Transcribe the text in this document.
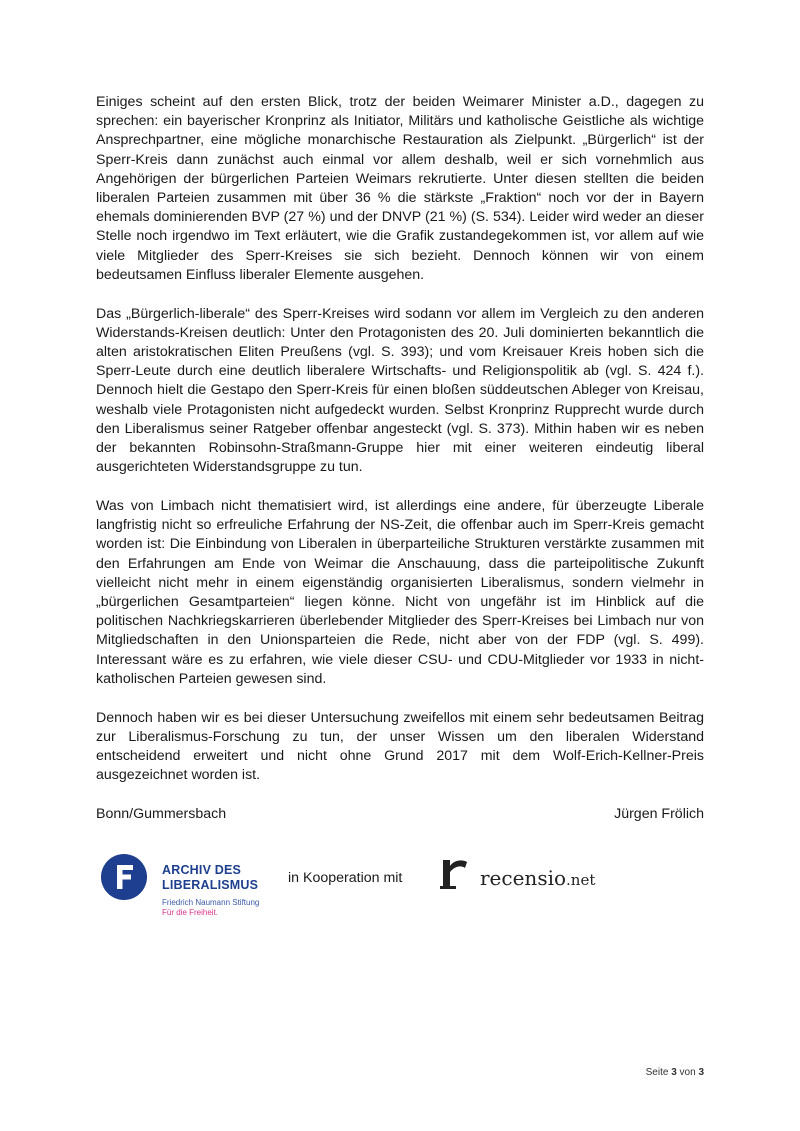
Einiges scheint auf den ersten Blick, trotz der beiden Weimarer Minister a.D., dagegen zu sprechen: ein bayerischer Kronprinz als Initiator, Militärs und katholische Geistliche als wichtige Ansprechpartner, eine mögliche monarchische Restauration als Zielpunkt. „Bürgerlich“ ist der Sperr-Kreis dann zunächst auch einmal vor allem deshalb, weil er sich vornehmlich aus Angehörigen der bürgerlichen Parteien Weimars rekrutierte. Unter diesen stellten die beiden liberalen Parteien zusammen mit über 36 % die stärkste „Fraktion“ noch vor der in Bayern ehemals dominierenden BVP (27 %) und der DNVP (21 %) (S. 534). Leider wird weder an dieser Stelle noch irgendwo im Text erläutert, wie die Grafik zustandegekommen ist, vor allem auf wie viele Mitglieder des Sperr-Kreises sie sich bezieht. Dennoch können wir von einem bedeutsamen Einfluss liberaler Elemente ausgehen.

Das „Bürgerlich-liberale“ des Sperr-Kreises wird sodann vor allem im Vergleich zu den anderen Widerstands-Kreisen deutlich: Unter den Protagonisten des 20. Juli dominierten bekanntlich die alten aristokratischen Eliten Preußens (vgl. S. 393); und vom Kreisauer Kreis hoben sich die Sperr-Leute durch eine deutlich liberalere Wirtschafts- und Religionspolitik ab (vgl. S. 424 f.). Dennoch hielt die Gestapo den Sperr-Kreis für einen bloßen süddeutschen Ableger von Kreisau, weshalb viele Protagonisten nicht aufgedeckt wurden. Selbst Kronprinz Rupprecht wurde durch den Liberalismus seiner Ratgeber offenbar angesteckt (vgl. S. 373). Mithin haben wir es neben der bekannten Robinsohn-Straßmann-Gruppe hier mit einer weiteren eindeutig liberal ausgerichteten Widerstandsgruppe zu tun.

Was von Limbach nicht thematisiert wird, ist allerdings eine andere, für überzeugte Liberale langfristig nicht so erfreuliche Erfahrung der NS-Zeit, die offenbar auch im Sperr-Kreis gemacht worden ist: Die Einbindung von Liberalen in überparteiliche Strukturen verstärkte zusammen mit den Erfahrungen am Ende von Weimar die Anschauung, dass die parteipolitische Zukunft vielleicht nicht mehr in einem eigenständig organisierten Liberalismus, sondern vielmehr in „bürgerlichen Gesamtparteien“ liegen könne. Nicht von ungefähr ist im Hinblick auf die politischen Nachkriegskarrieren überlebender Mitglieder des Sperr-Kreises bei Limbach nur von Mitgliedschaften in den Unionsparteien die Rede, nicht aber von der FDP (vgl. S. 499). Interessant wäre es zu erfahren, wie viele dieser CSU- und CDU-Mitglieder vor 1933 in nicht-katholischen Parteien gewesen sind.

Dennoch haben wir es bei dieser Untersuchung zweifellos mit einem sehr bedeutsamen Beitrag zur Liberalismus-Forschung zu tun, der unser Wissen um den liberalen Widerstand entscheidend erweitert und nicht ohne Grund 2017 mit dem Wolf-Erich-Kellner-Preis ausgezeichnet worden ist.

Bonn/Gummersbach	Jürgen Frölich
ARCHIV DES
LIBERALISMUS
Friedrich Naumann Stiftung
Für die Freiheit.
in Kooperation mit	recensio.net
Seite 3 von 3
